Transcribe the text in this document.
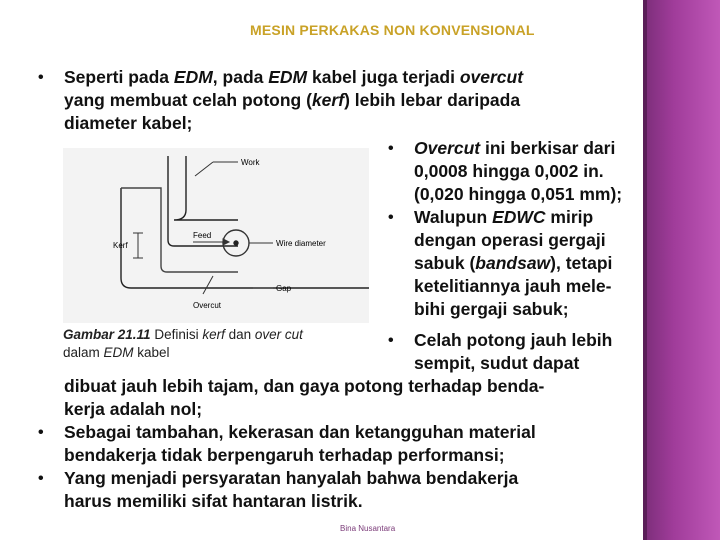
MESIN PERKAKAS NON KONVENSIONAL
• Seperti pada EDM, pada EDM kabel juga terjadi overcut
yang membuat celah potong (kerf) lebih lebar daripada
diameter kabel;
Work
Feed
Kerf	Wire diameter
Gap
Overcut
Gambar 21.11 Definisi kerf dan over cut
dalam EDM kabel
• Overcut ini berkisar dari
0,0008 hingga 0,002 in.
(0,020 hingga 0,051 mm);
• Walupun EDWC mirip
dengan operasi gergaji
sabuk (bandsaw), tetapi
ketelitiannya jauh mele-
bihi gergaji sabuk;
• Celah potong jauh lebih
sempit, sudut dapat
dibuat jauh lebih tajam, dan gaya potong terhadap benda-
kerja adalah nol;
• Sebagai tambahan, kekerasan dan ketangguhan material
bendakerja tidak berpengaruh terhadap performansi;
• Yang menjadi persyaratan hanyalah bahwa bendakerja
harus memiliki sifat hantaran listrik.
Bina Nusantara
